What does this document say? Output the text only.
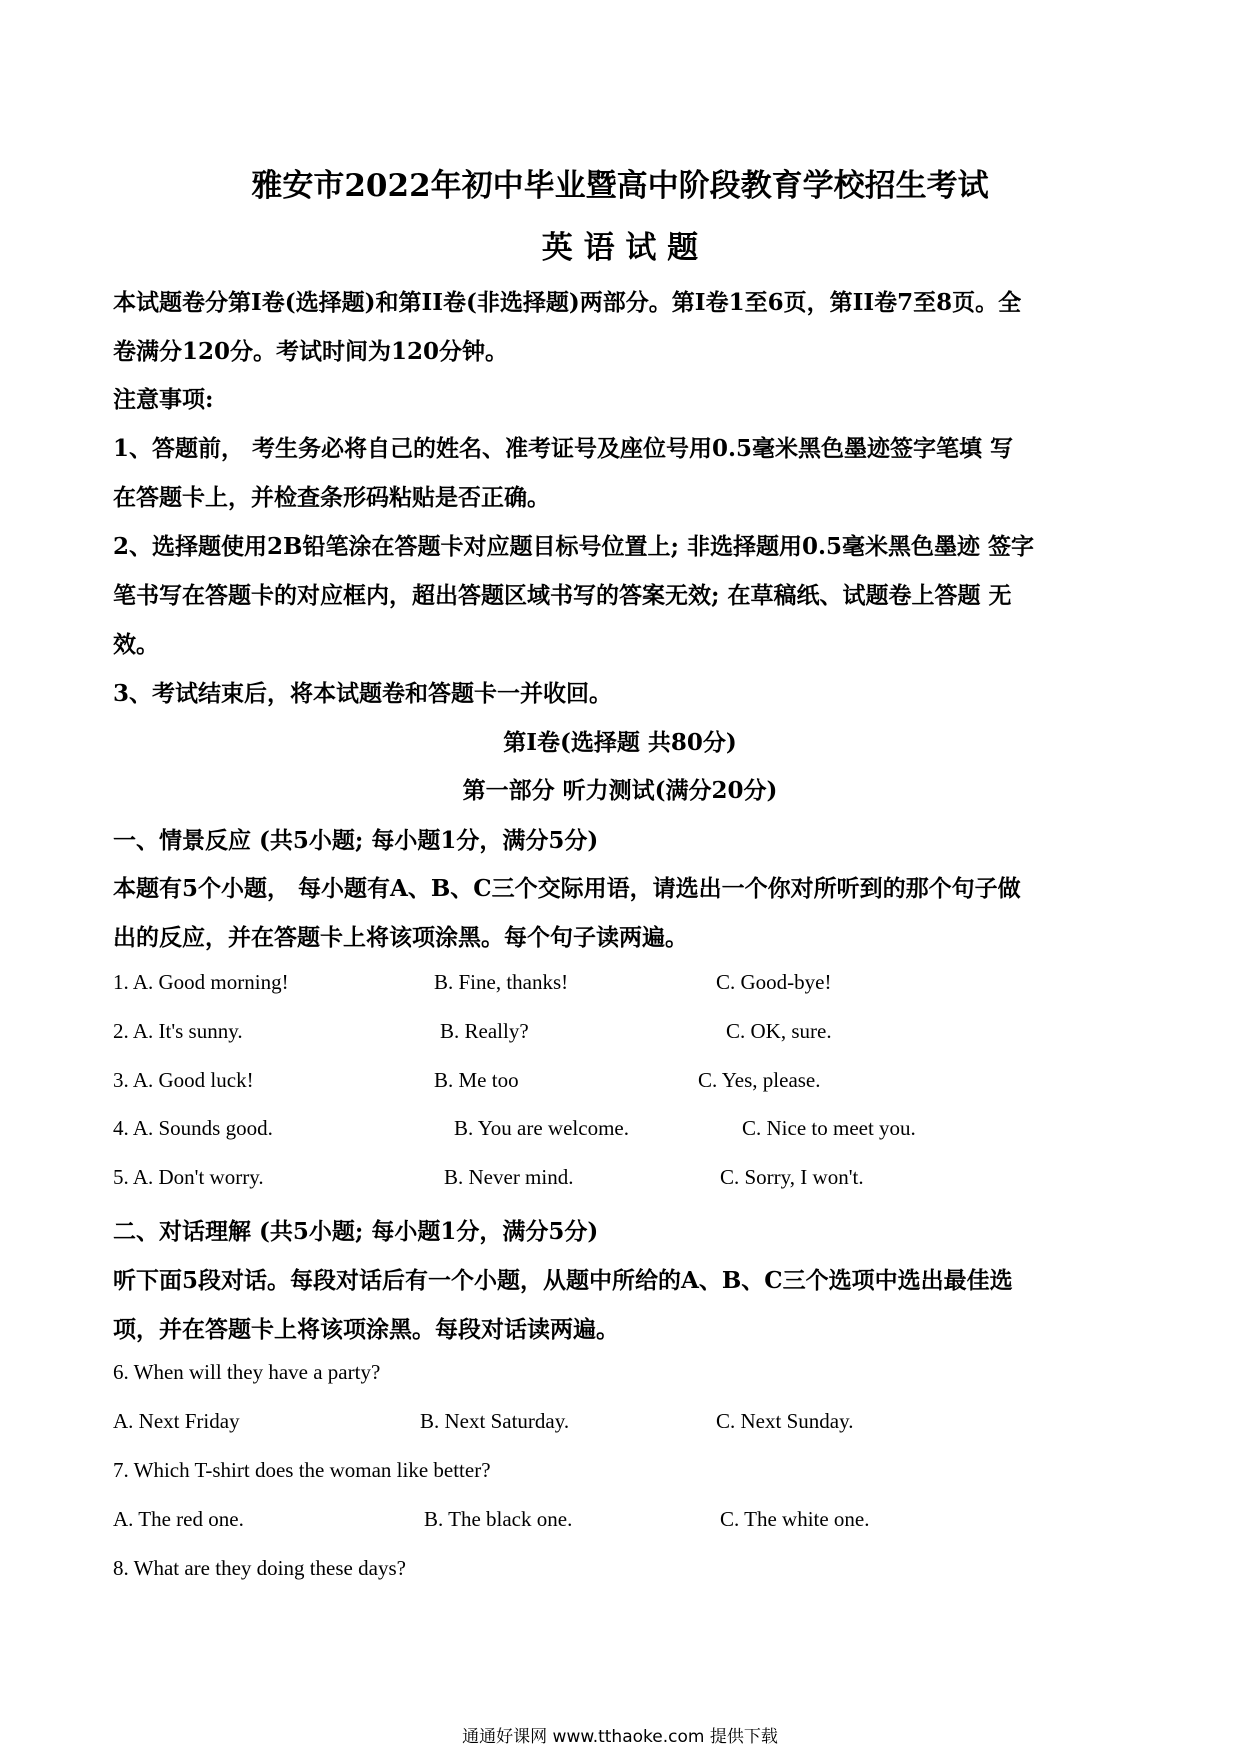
雅安市2022年初中毕业暨高中阶段教育学校招生考试
英 语 试 题
本试题卷分第I卷(选择题)和第II卷(非选择题)两部分。第I卷1至6页，第II卷7至8页。全
卷满分120分。考试时间为120分钟。
注意事项:
1、答题前， 考生务必将自己的姓名、准考证号及座位号用0.5毫米黑色墨迹签字笔填 写
在答题卡上，并检查条形码粘贴是否正确。
2、选择题使用2B铅笔涂在答题卡对应题目标号位置上; 非选择题用0.5毫米黑色墨迹 签字
笔书写在答题卡的对应框内，超出答题区域书写的答案无效; 在草稿纸、试题卷上答题 无
效。
3、考试结束后，将本试题卷和答题卡一并收回。
第I卷(选择题 共80分)
第一部分 听力测试(满分20分)
一、情景反应 (共5小题; 每小题1分，满分5分)
本题有5个小题， 每小题有A、B、C三个交际用语，请选出一个你对所听到的那个句子做
出的反应，并在答题卡上将该项涂黑。每个句子读两遍。
1. A. Good morning!	B. Fine, thanks!	C. Good-bye!
2. A. It's sunny.	B. Really?	C. OK, sure.
3. A. Good luck!	B. Me too	C. Yes, please.
4. A. Sounds good.	B. You are welcome.	C. Nice to meet you.
5. A. Don't worry.	B. Never mind.	C. Sorry, I won't.
二、对话理解 (共5小题; 每小题1分，满分5分)
听下面5段对话。每段对话后有一个小题，从题中所给的A、B、C三个选项中选出最佳选
项，并在答题卡上将该项涂黑。每段对话读两遍。
6. When will they have a party?
A. Next Friday	B. Next Saturday.	C. Next Sunday.
7. Which T-shirt does the woman like better?
A. The red one.	B. The black one.	C. The white one.
8. What are they doing these days?
通通好课网 www.tthaoke.com 提供下载
